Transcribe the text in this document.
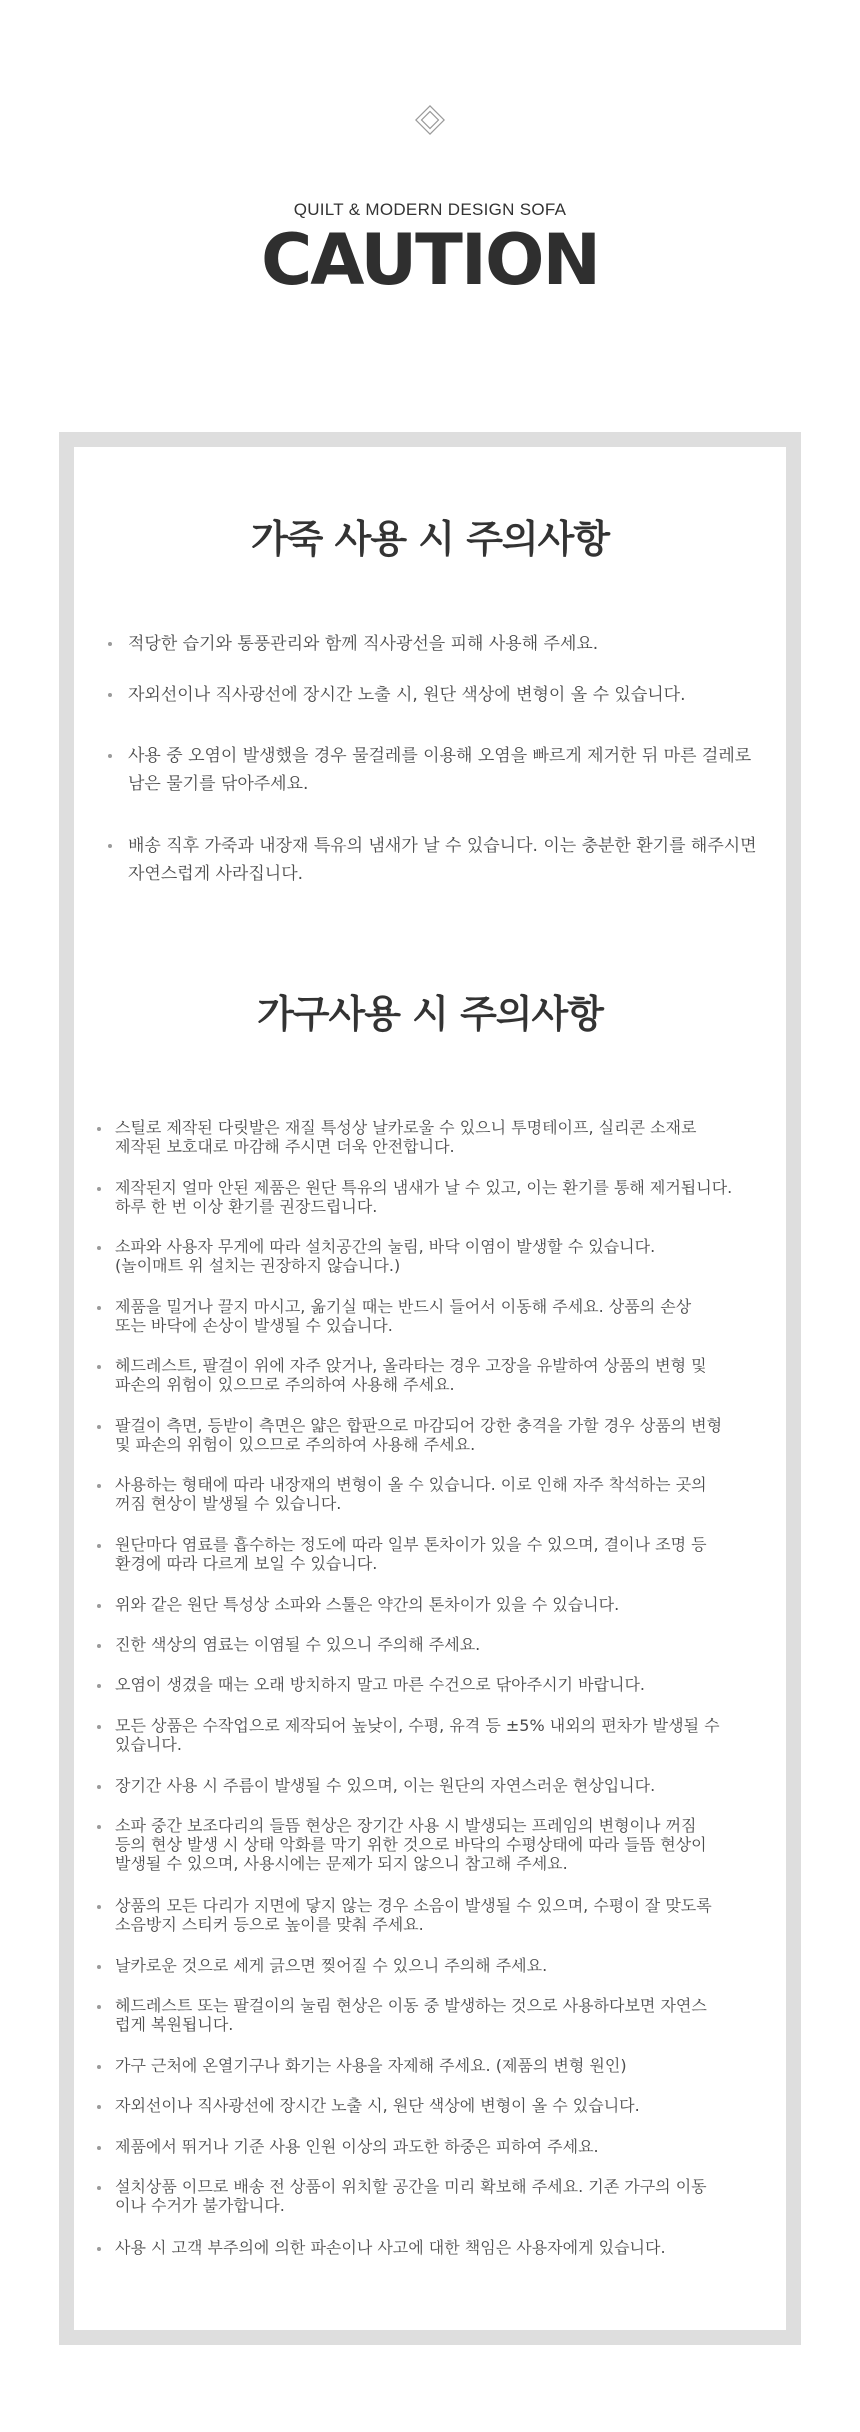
QUILT & MODERN DESIGN SOFA
CAUTION
가죽 사용 시 주의사항
적당한 습기와 통풍관리와 함께 직사광선을 피해 사용해 주세요.
자외선이나 직사광선에 장시간 노출 시, 원단 색상에 변형이 올 수 있습니다.
사용 중 오염이 발생했을 경우 물걸레를 이용해 오염을 빠르게 제거한 뒤 마른 걸레로
남은 물기를 닦아주세요.
배송 직후 가죽과 내장재 특유의 냄새가 날 수 있습니다. 이는 충분한 환기를 해주시면
자연스럽게 사라집니다.
가구사용 시 주의사항
스틸로 제작된 다릿발은 재질 특성상 날카로울 수 있으니 투명테이프, 실리콘 소재로
제작된 보호대로 마감해 주시면 더욱 안전합니다.
제작된지 얼마 안된 제품은 원단 특유의 냄새가 날 수 있고, 이는 환기를 통해 제거됩니다.
하루 한 번 이상 환기를 권장드립니다.
소파와 사용자 무게에 따라 설치공간의 눌림, 바닥 이염이 발생할 수 있습니다.
(놀이매트 위 설치는 권장하지 않습니다.)
제품을 밀거나 끌지 마시고, 옮기실 때는 반드시 들어서 이동해 주세요. 상품의 손상
또는 바닥에 손상이 발생될 수 있습니다.
헤드레스트, 팔걸이 위에 자주 앉거나, 올라타는 경우 고장을 유발하여 상품의 변형 및
파손의 위험이 있으므로 주의하여 사용해 주세요.
팔걸이 측면, 등받이 측면은 얇은 합판으로 마감되어 강한 충격을 가할 경우 상품의 변형
및 파손의 위험이 있으므로 주의하여 사용해 주세요.
사용하는 형태에 따라 내장재의 변형이 올 수 있습니다. 이로 인해 자주 착석하는 곳의
꺼짐 현상이 발생될 수 있습니다.
원단마다 염료를 흡수하는 정도에 따라 일부 톤차이가 있을 수 있으며, 결이나 조명 등
환경에 따라 다르게 보일 수 있습니다.
위와 같은 원단 특성상 소파와 스툴은 약간의 톤차이가 있을 수 있습니다.
진한 색상의 염료는 이염될 수 있으니 주의해 주세요.
오염이 생겼을 때는 오래 방치하지 말고 마른 수건으로 닦아주시기 바랍니다.
모든 상품은 수작업으로 제작되어 높낮이, 수평, 유격 등 ±5% 내외의 편차가 발생될 수
있습니다.
장기간 사용 시 주름이 발생될 수 있으며, 이는 원단의 자연스러운 현상입니다.
소파 중간 보조다리의 들뜸 현상은 장기간 사용 시 발생되는 프레임의 변형이나 꺼짐
등의 현상 발생 시 상태 악화를 막기 위한 것으로 바닥의 수평상태에 따라 들뜸 현상이
발생될 수 있으며, 사용시에는 문제가 되지 않으니 참고해 주세요.
상품의 모든 다리가 지면에 닿지 않는 경우 소음이 발생될 수 있으며, 수평이 잘 맞도록
소음방지 스티커 등으로 높이를 맞춰 주세요.
날카로운 것으로 세게 긁으면 찢어질 수 있으니 주의해 주세요.
헤드레스트 또는 팔걸이의 눌림 현상은 이동 중 발생하는 것으로 사용하다보면 자연스
럽게 복원됩니다.
가구 근처에 온열기구나 화기는 사용을 자제해 주세요. (제품의 변형 원인)
자외선이나 직사광선에 장시간 노출 시, 원단 색상에 변형이 올 수 있습니다.
제품에서 뛰거나 기준 사용 인원 이상의 과도한 하중은 피하여 주세요.
설치상품 이므로 배송 전 상품이 위치할 공간을 미리 확보해 주세요. 기존 가구의 이동
이나 수거가 불가합니다.
사용 시 고객 부주의에 의한 파손이나 사고에 대한 책임은 사용자에게 있습니다.
